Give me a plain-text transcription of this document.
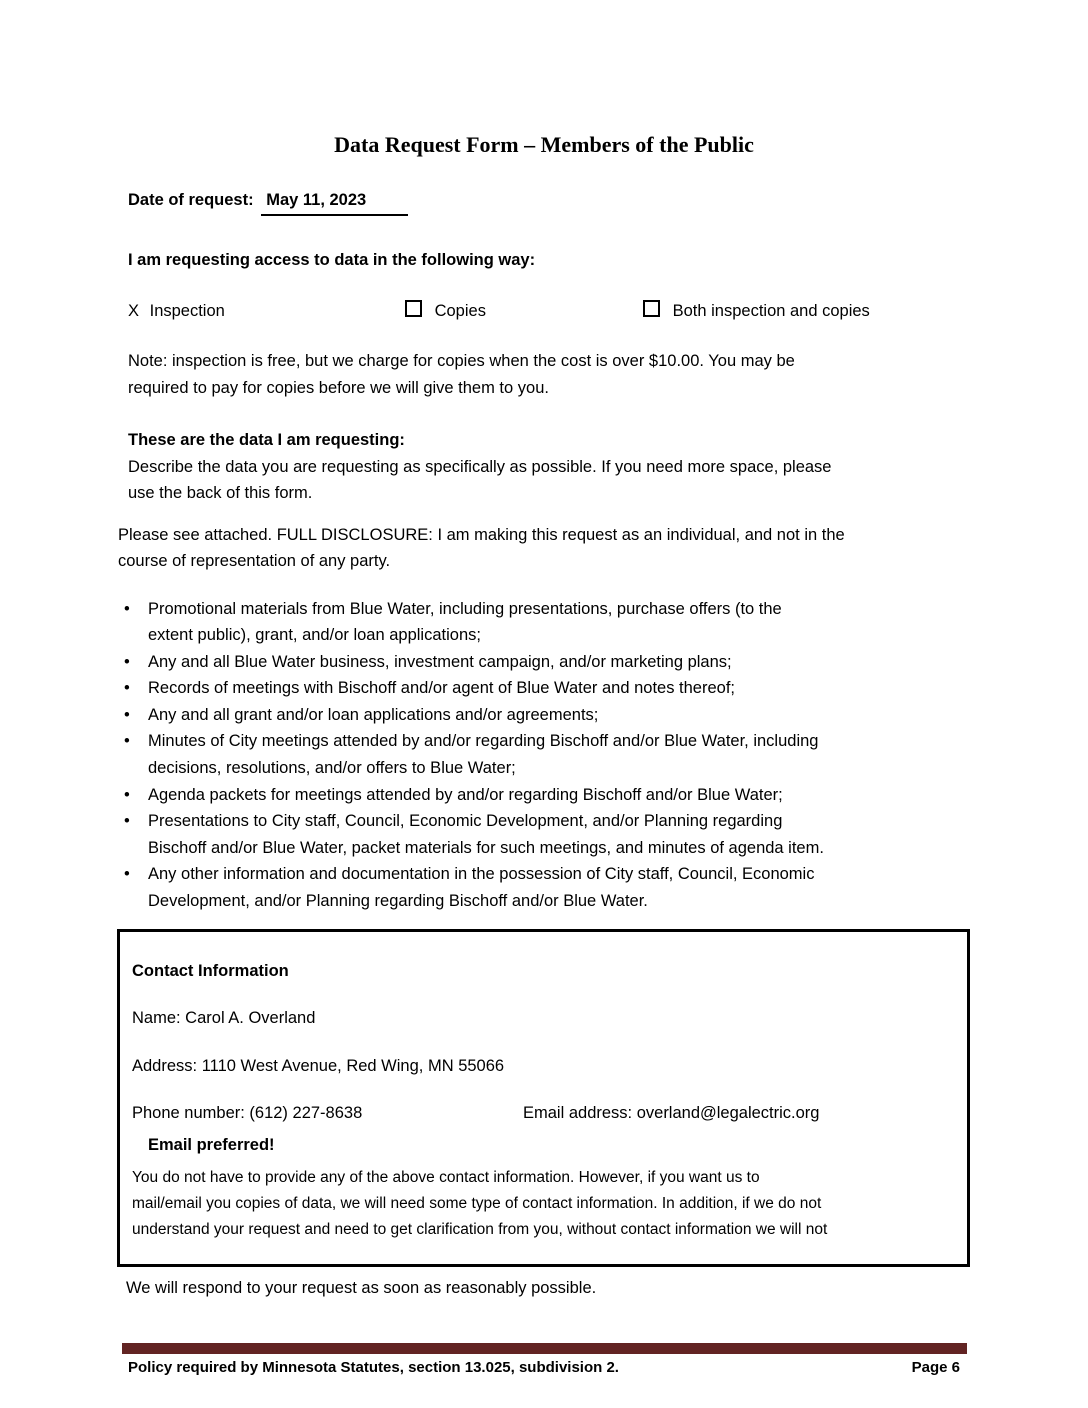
Data Request Form – Members of the Public
Date of request: May 11, 2023
I am requesting access to data in the following way:
X Inspection	Copies	Both inspection and copies

Note: inspection is free, but we charge for copies when the cost is over $10.00. You may be
required to pay for copies before we will give them to you.

These are the data I am requesting:
Describe the data you are requesting as specifically as possible. If you need more space, please
use the back of this form.

Please see attached. FULL DISCLOSURE: I am making this request as an individual, and not in the
course of representation of any party.

• Promotional materials from Blue Water, including presentations, purchase offers (to the
extent public), grant, and/or loan applications;
• Any and all Blue Water business, investment campaign, and/or marketing plans;
• Records of meetings with Bischoff and/or agent of Blue Water and notes thereof;
• Any and all grant and/or loan applications and/or agreements;
• Minutes of City meetings attended by and/or regarding Bischoff and/or Blue Water, including
decisions, resolutions, and/or offers to Blue Water;
• Agenda packets for meetings attended by and/or regarding Bischoff and/or Blue Water;
• Presentations to City staff, Council, Economic Development, and/or Planning regarding
Bischoff and/or Blue Water, packet materials for such meetings, and minutes of agenda item.
• Any other information and documentation in the possession of City staff, Council, Economic
Development, and/or Planning regarding Bischoff and/or Blue Water.
Contact Information
Name: Carol A. Overland
Address: 1110 West Avenue, Red Wing, MN 55066
Phone number: (612) 227-8638	Email address: overland@legalectric.org
Email preferred!
You do not have to provide any of the above contact information. However, if you want us to
mail/email you copies of data, we will need some type of contact information. In addition, if we do not
understand your request and need to get clarification from you, without contact information we will not

We will respond to your request as soon as reasonably possible.

Policy required by Minnesota Statutes, section 13.025, subdivision 2.	Page 6
